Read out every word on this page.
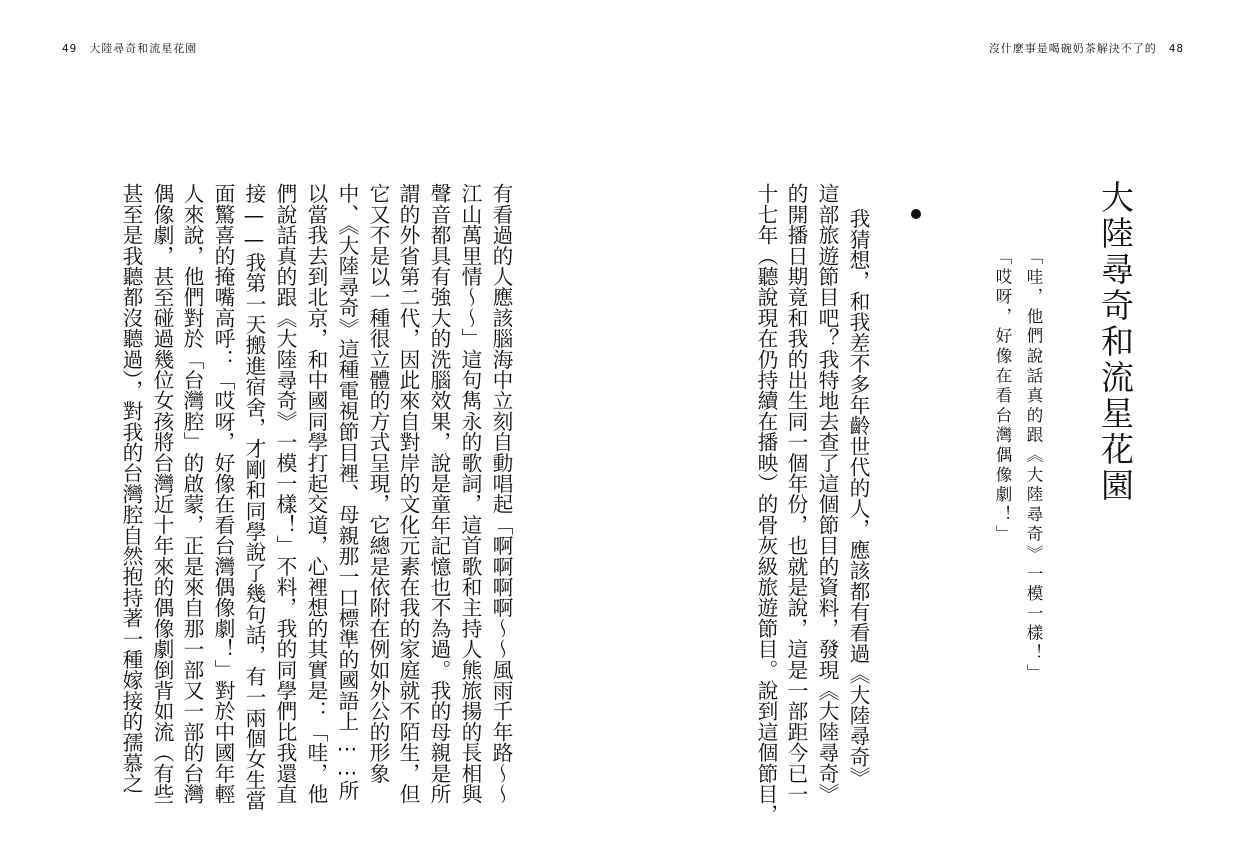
49 大陸尋奇和流星花園	沒什麼事是喝碗奶茶解決不了的 48

大陸尋奇和流星花園

「哇，他們說話真的跟《大陸尋奇》一模一樣！」

「哎呀，好像在看台灣偶像劇！」

我猜想，和我差不多年齡世代的人，應該都有看過《大陸尋奇》

這部旅遊節目吧？我特地去查了這個節目的資料，發現《大陸尋奇》

的開播日期竟和我的出生同一個年份，也就是說，這是一部距今已一

十七年（聽說現在仍持續在播映）的骨灰級旅遊節目。說到這個節目，

有看過的人應該腦海中立刻自動唱起「啊啊啊啊～～風雨千年路～～

江山萬里情～～」這句雋永的歌詞，這首歌和主持人熊旅揚的長相與

聲音都具有強大的洗腦效果，說是童年記憶也不為過。我的母親是所

謂的外省第二代，因此來自對岸的文化元素在我的家庭就不陌生，但

它又不是以一種很立體的方式呈現，它總是依附在例如外公的形象

中、《大陸尋奇》這種電視節目裡、母親那一口標準的國語上……所

以當我去到北京，和中國同學打起交道，心裡想的其實是：「哇，他

們說話真的跟《大陸尋奇》一模一樣！」不料，我的同學們比我還直

接——我第一天搬進宿舍，才剛和同學說了幾句話，有一兩個女生當

面驚喜的掩嘴高呼：「哎呀，好像在看台灣偶像劇！」對於中國年輕

人來說，他們對於「台灣腔」的啟蒙，正是來自那一部又一部的台灣

偶像劇，甚至碰過幾位女孩將台灣近十年來的偶像劇倒背如流（有些

甚至是我聽都沒聽過），對我的台灣腔自然抱持著一種嫁接的孺慕之
